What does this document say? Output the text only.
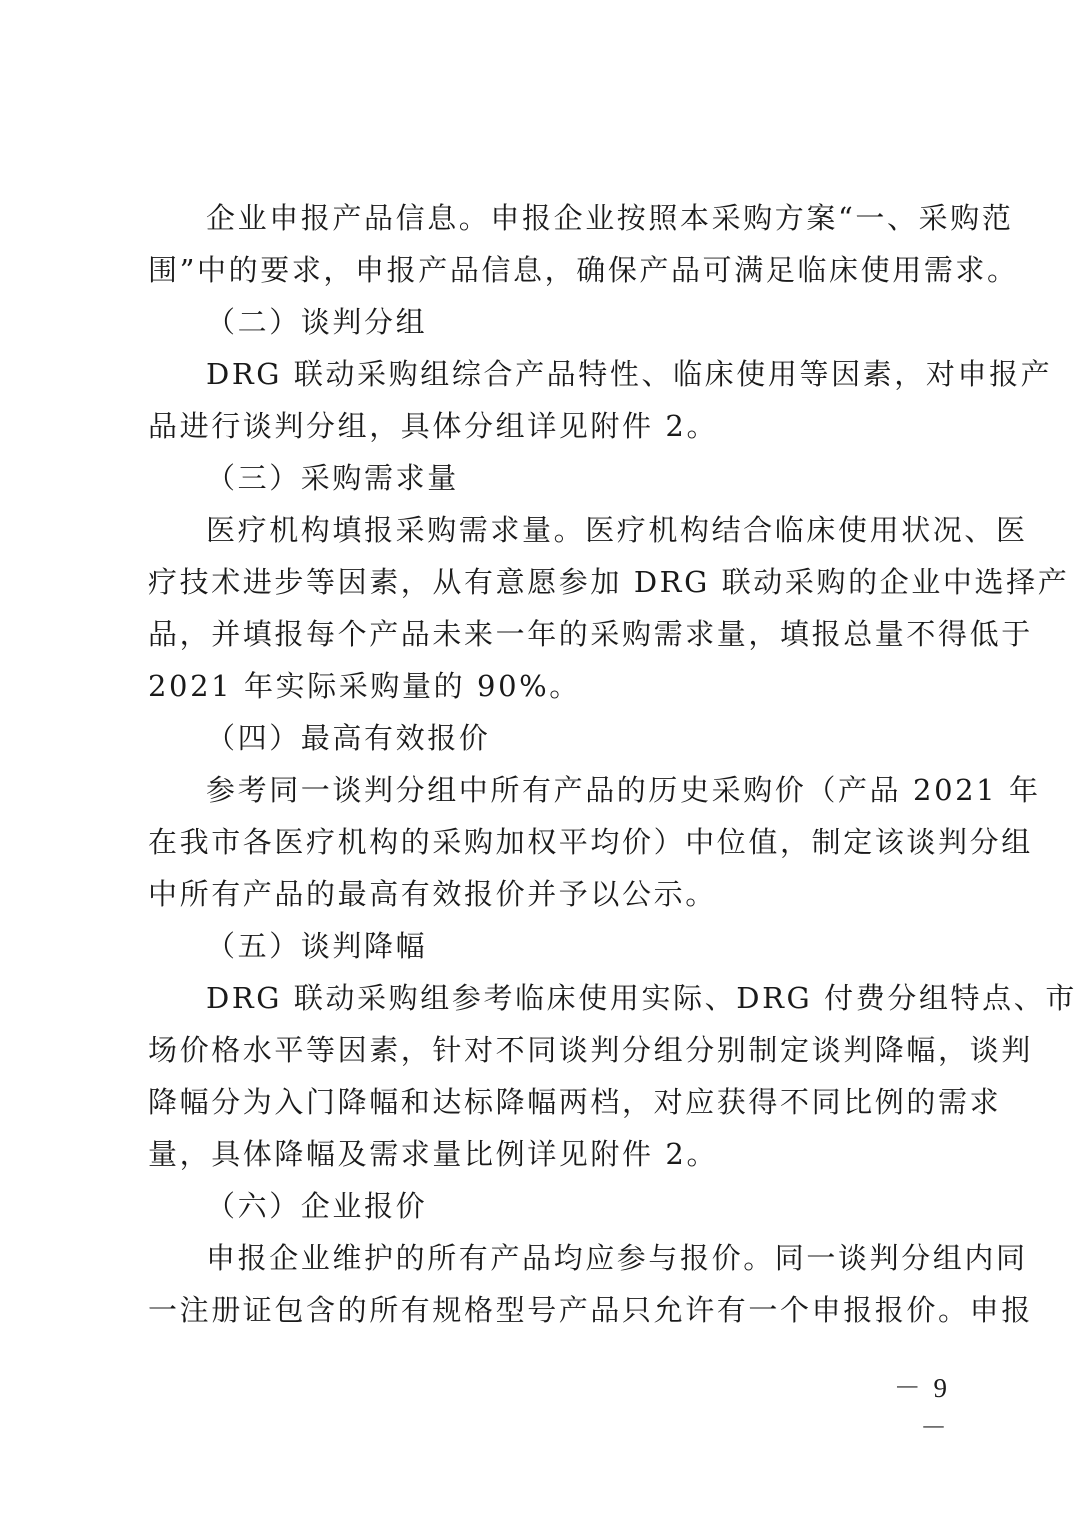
企业申报产品信息。申报企业按照本采购方案“一、采购范
围”中的要求，申报产品信息，确保产品可满足临床使用需求。
（二）谈判分组
DRG 联动采购组综合产品特性、临床使用等因素，对申报产
品进行谈判分组，具体分组详见附件 2。
（三）采购需求量
医疗机构填报采购需求量。医疗机构结合临床使用状况、医
疗技术进步等因素，从有意愿参加 DRG 联动采购的企业中选择产
品，并填报每个产品未来一年的采购需求量，填报总量不得低于
2021 年实际采购量的 90%。
（四）最高有效报价
参考同一谈判分组中所有产品的历史采购价（产品 2021 年
在我市各医疗机构的采购加权平均价）中位值，制定该谈判分组
中所有产品的最高有效报价并予以公示。
（五）谈判降幅
DRG 联动采购组参考临床使用实际、DRG 付费分组特点、市
场价格水平等因素，针对不同谈判分组分别制定谈判降幅，谈判
降幅分为入门降幅和达标降幅两档，对应获得不同比例的需求
量，具体降幅及需求量比例详见附件 2。
（六）企业报价
申报企业维护的所有产品均应参与报价。同一谈判分组内同
一注册证包含的所有规格型号产品只允许有一个申报报价。申报
－ 9 －
